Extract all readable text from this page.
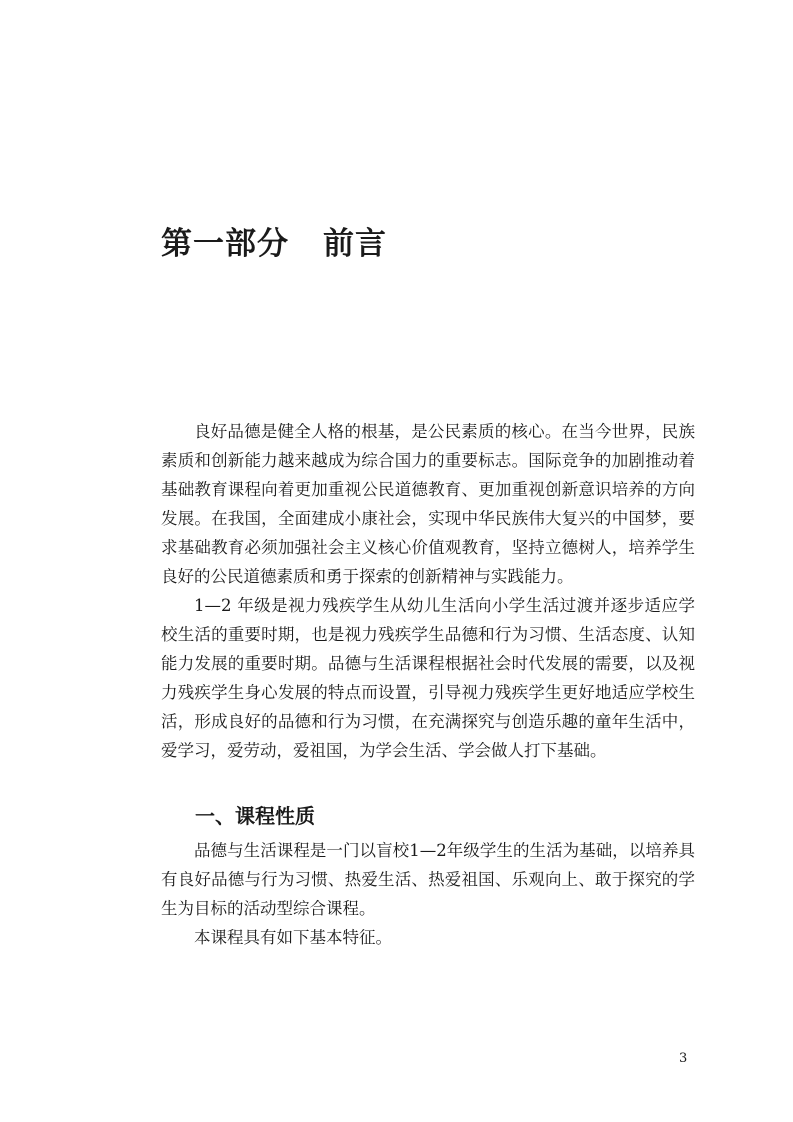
第一部分 前言

良好品德是健全人格的根基，是公民素质的核心。在当今世界，民族素质和创新能力越来越成为综合国力的重要标志。国际竞争的加剧推动着基础教育课程向着更加重视公民道德教育、更加重视创新意识培养的方向发展。在我国，全面建成小康社会，实现中华民族伟大复兴的中国梦，要求基础教育必须加强社会主义核心价值观教育，坚持立德树人，培养学生良好的公民道德素质和勇于探索的创新精神与实践能力。

1—2 年级是视力残疾学生从幼儿生活向小学生活过渡并逐步适应学校生活的重要时期，也是视力残疾学生品德和行为习惯、生活态度、认知能力发展的重要时期。品德与生活课程根据社会时代发展的需要，以及视力残疾学生身心发展的特点而设置，引导视力残疾学生更好地适应学校生活，形成良好的品德和行为习惯，在充满探究与创造乐趣的童年生活中，爱学习，爱劳动，爱祖国，为学会生活、学会做人打下基础。

一、课程性质

品德与生活课程是一门以盲校1—2年级学生的生活为基础，以培养具有良好品德与行为习惯、热爱生活、热爱祖国、乐观向上、敢于探究的学生为目标的活动型综合课程。

本课程具有如下基本特征。

3
